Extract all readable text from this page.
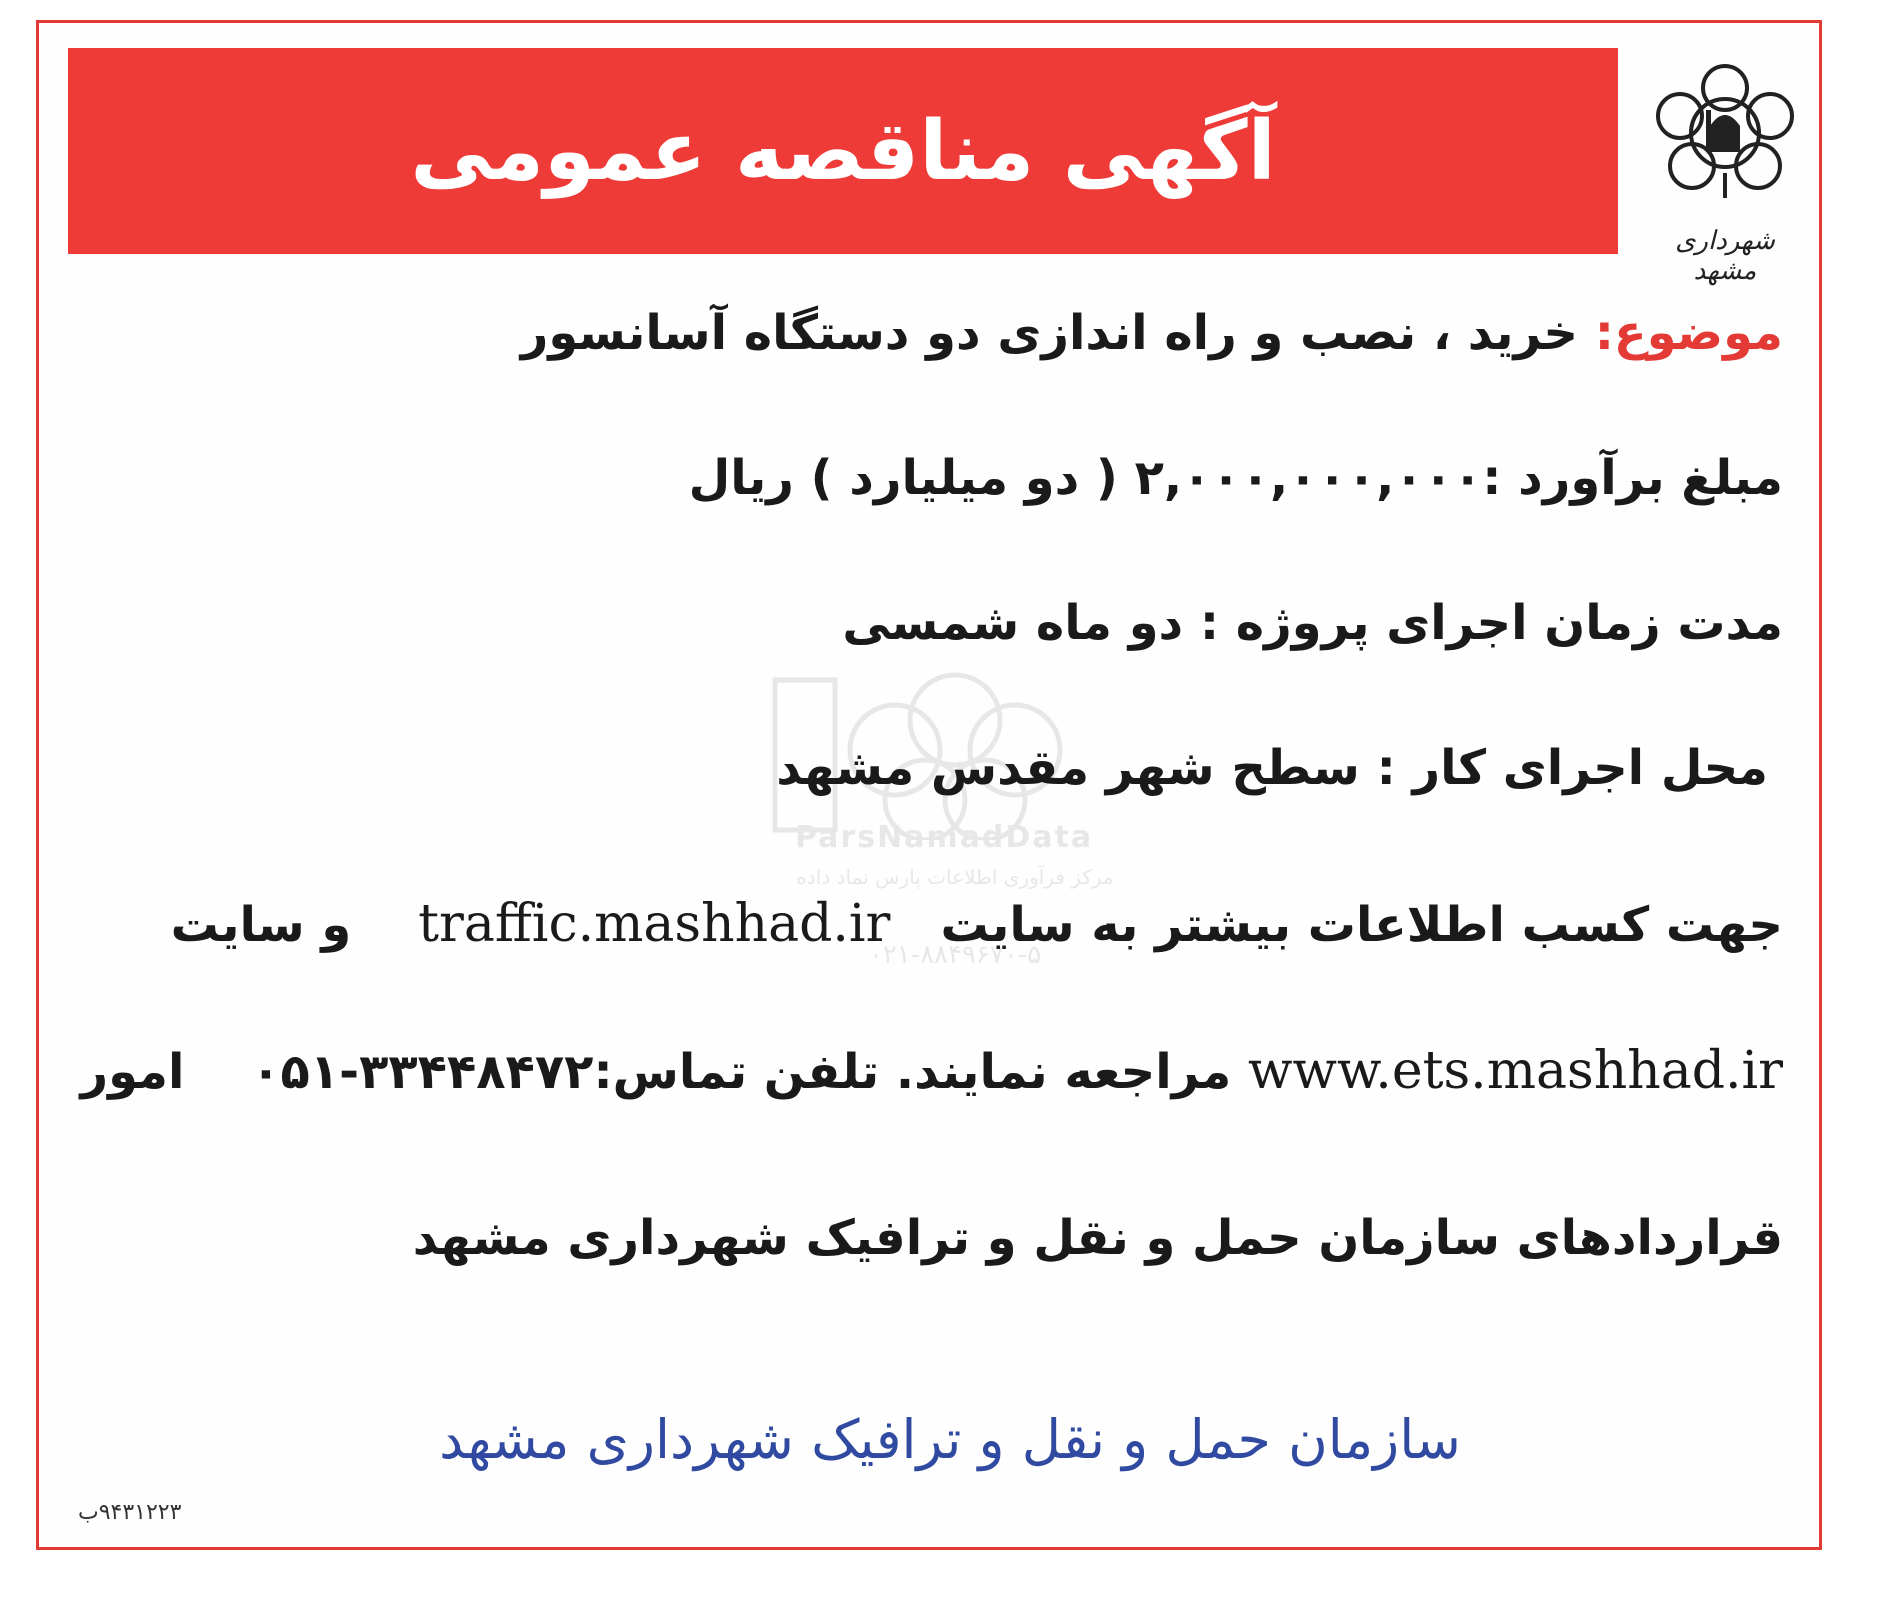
آگهی مناقصه عمومی
شهرداری مشهد
ParsNamadData
مرکز فرآوری اطلاعات پارس نماد داده
۰۲۱-۸۸۴۹۶۷۰-۵
موضوع: خرید ، نصب و راه اندازی دو دستگاه آسانسور
مبلغ برآورد :۲,۰۰۰,۰۰۰,۰۰۰ ( دو میلیارد ) ریال
مدت زمان اجرای پروژه : دو ماه شمسی
محل اجرای کار : سطح شهر مقدس مشهد
جهت کسب اطلاعات بیشتر به سایت   traffic.mashhad.ir    و سایت
www.ets.mashhad.ir مراجعه نمایند. تلفن تماس:۳۳۴۴۸۴۷۲-۰۵۱    امور
قراردادهای سازمان حمل و نقل و ترافیک شهرداری مشهد
سازمان حمل و نقل و ترافیک شهرداری مشهد
۹۴۳۱۲۲۳ب
